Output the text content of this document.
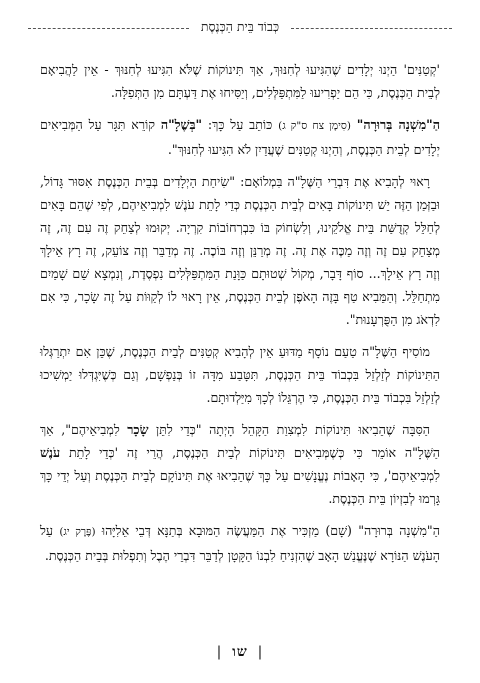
כְּבוֹד בֵּית הַכְּנֶסֶת

'קְטַנִּים' הַיְנוּ יְלָדִים שֶׁהִגִּיעוּ לְחִנּוּךְ, אַךְ תִּינוֹקוֹת שֶׁלֹּא הִגִּיעוּ לְחִנּוּךְ - אֵין לַהֲבִיאָם לְבֵית הַכְּנֶסֶת, כִּי הֵם יַפְרִיעוּ לַמִּתְפַּלְּלִים, וְיַסִּיחוּ אֶת דַּעְתָּם מִן הַתְּפִלָּה.

הַ"מִשְׁנָה בְּרוּרָה" (סִימָן צח ס"ק ג) כּוֹתֵב עַל כָּךְ: "בְּשֶׁלָ"ה קוֹרֵא תִּגָּר עַל הַמְּבִיאִים יְלָדִים לְבֵית הַכְּנֶסֶת, וְהַיְנוּ קְטַנִּים שֶׁעֲדַיִן לֹא הִגִּיעוּ לְחִנּוּךְ".

רָאוּי לְהָבִיא אֶת דִּבְרֵי הַשֶּׁלָ"ה בִּמְלוֹאָם: "שִׂיחַת הַיְלָדִים בְּבֵית הַכְּנֶסֶת אִסּוּר גָּדוֹל, וּבַזְּמַן הַזֶּה יֵשׁ תִּינוֹקוֹת בָּאִים לְבֵית הַכְּנֶסֶת כְּדֵי לָתֵת עֹנֶשׁ לִמְבִיאֵיהֶם, לְפִי שֶׁהֵם בָּאִים לְחַלֵּל קְדֻשַּׁת בֵּית אֱלֹקֵינוּ, וְלִשְׂחוֹק בּוֹ כִּבְרְחוֹבוֹת קִרְיָה. יְקוּמוּ לְצַחֵק זֶה עִם זֶה, זֶה מְצַחֵק עִם זֶה וְזֶה מַכֶּה אֶת זֶה. זֶה מְרַנֵּן וְזֶה בּוֹכֶה. זֶה מְדַבֵּר וְזֶה צוֹעֵק, זֶה רָץ אֵילָךְ וְזֶה רָץ אֵילָךְ... סוֹף דָּבָר, מְקוֹל שְׁטוּתָם כַּוָּנַת הַמִּתְפַּלְּלִים נִפְסֶדֶת, וְנִמְצָא שֵׁם שָׁמַיִם מִתְחַלֵּל. וְהַמֵּבִיא טַף בָּזֶה הָאֹפֶן לְבֵית הַכְּנֶסֶת, אֵין רָאוּי לוֹ לְקַוּוֹת עַל זֶה שָׂכָר, כִּי אִם לִדְאֹג מִן הַפֻּרְעָנוּת".

מוֹסִיף הַשֶּׁלָ"ה טַעַם נוֹסָף מַדּוּעַ אֵין לְהָבִיא קְטַנִּים לְבֵית הַכְּנֶסֶת, שֶׁכֵּן אִם יִתְרַגְּלוּ הַתִּינוֹקוֹת לְזַלְזֵל בִּכְבוֹד בֵּית הַכְּנֶסֶת, תִּטָּבַע מִדָּה זוֹ בְּנַפְשָׁם, וְגַם כְּשֶׁיִּגְדְּלוּ יַמְשִׁיכוּ לְזַלְזֵל בִּכְבוֹד בֵּית הַכְּנֶסֶת, כִּי הֶרְגֵּלוֹ לְכָךְ מִיַּלְדוּתָם.

הַסִּבָּה שֶׁהֵבִיאוּ תִּינוֹקוֹת לִמְצִוַת הַקָּהֵל הָיְתָה "כְּדֵי לִתֵּן שָׂכָר לִמְבִיאֵיהֶם", אַךְ הַשֶּׁלָ"ה אוֹמֵר כִּי כְּשֶׁמְּבִיאִים תִּינוֹקוֹת לְבֵית הַכְּנֶסֶת, הֲרֵי זֶה 'כְּדֵי לָתֵת עֹנֶשׁ לִמְבִיאֵיהֶם', כִּי הָאָבוֹת נֶעֱנָשִׁים עַל כָּךְ שֶׁהֵבִיאוּ אֶת תִּינוֹקָם לְבֵית הַכְּנֶסֶת וְעַל יְדֵי כָּךְ גָּרְמוּ לְבִזְיוֹן בֵּית הַכְּנֶסֶת.

הַ"מִשְׁנָה בְּרוּרָה" (שָׁם) מַזְכִּיר אֶת הַמַּעֲשֶׂה הַמּוּבָא בְּתַנָּא דְּבֵי אֵלִיָּהוּ (פֶּרֶק יג) עַל הָעֹנֶשׁ הַנּוֹרָא שֶׁנֶּעֱנַשׁ הָאָב שֶׁהִזְנִיחַ לִבְנוֹ הַקָּטָן לְדַבֵּר דִּבְרֵי הֶבֶל וְתִפְלוּת בְּבֵית הַכְּנֶסֶת.

| שו |
